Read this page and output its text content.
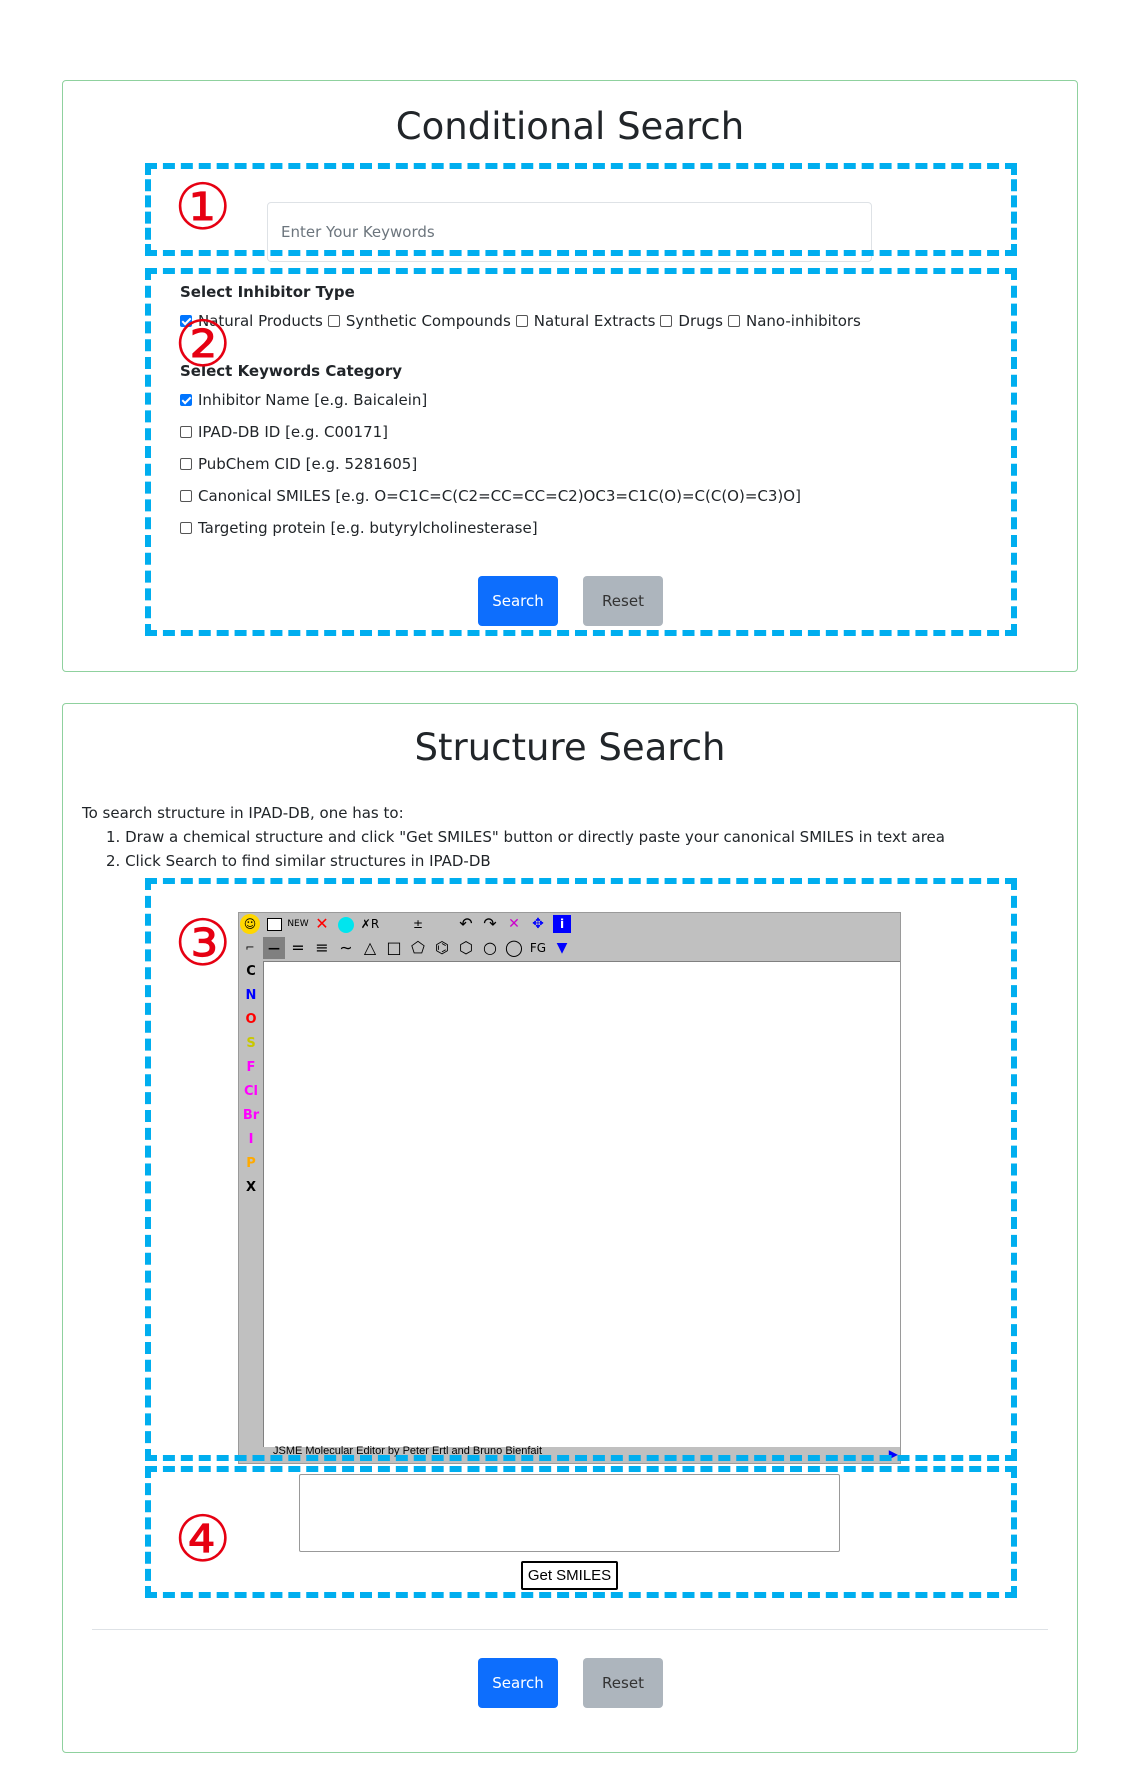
Conditional Search
Enter Your Keywords
Select Inhibitor Type
Natural Products Synthetic Compounds Natural Extracts Drugs Nano-inhibitors
Select Keywords Category
Inhibitor Name [e.g. Baicalein]
IPAD-DB ID [e.g. C00171]
PubChem CID [e.g. 5281605]
Canonical SMILES [e.g. O=C1C=C(C2=CC=CC=C2)OC3=C1C(O)=C(C(O)=C3)O]
Targeting protein [e.g. butyrylcholinesterase]
Search	Reset
Structure Search
To search structure in IPAD-DB, one has to:
1. Draw a chemical structure and click "Get SMILES" button or directly paste your canonical SMILES in text area
2. Click Search to find similar structures in IPAD-DB
☺	NEW ✕	✗R	±	↶ ↷ ✕ ✥	i
⌐	— = ≡ ∼ △ □ ⬠ ⌬ ⬡ ○ ◯ FG ▼
C
N
O
S
F
Cl
Br
I
P
X
JSME Molecular Editor by Peter Ertl and Bruno Bienfait	▶
Get SMILES
Search	Reset
①
②
③
④
